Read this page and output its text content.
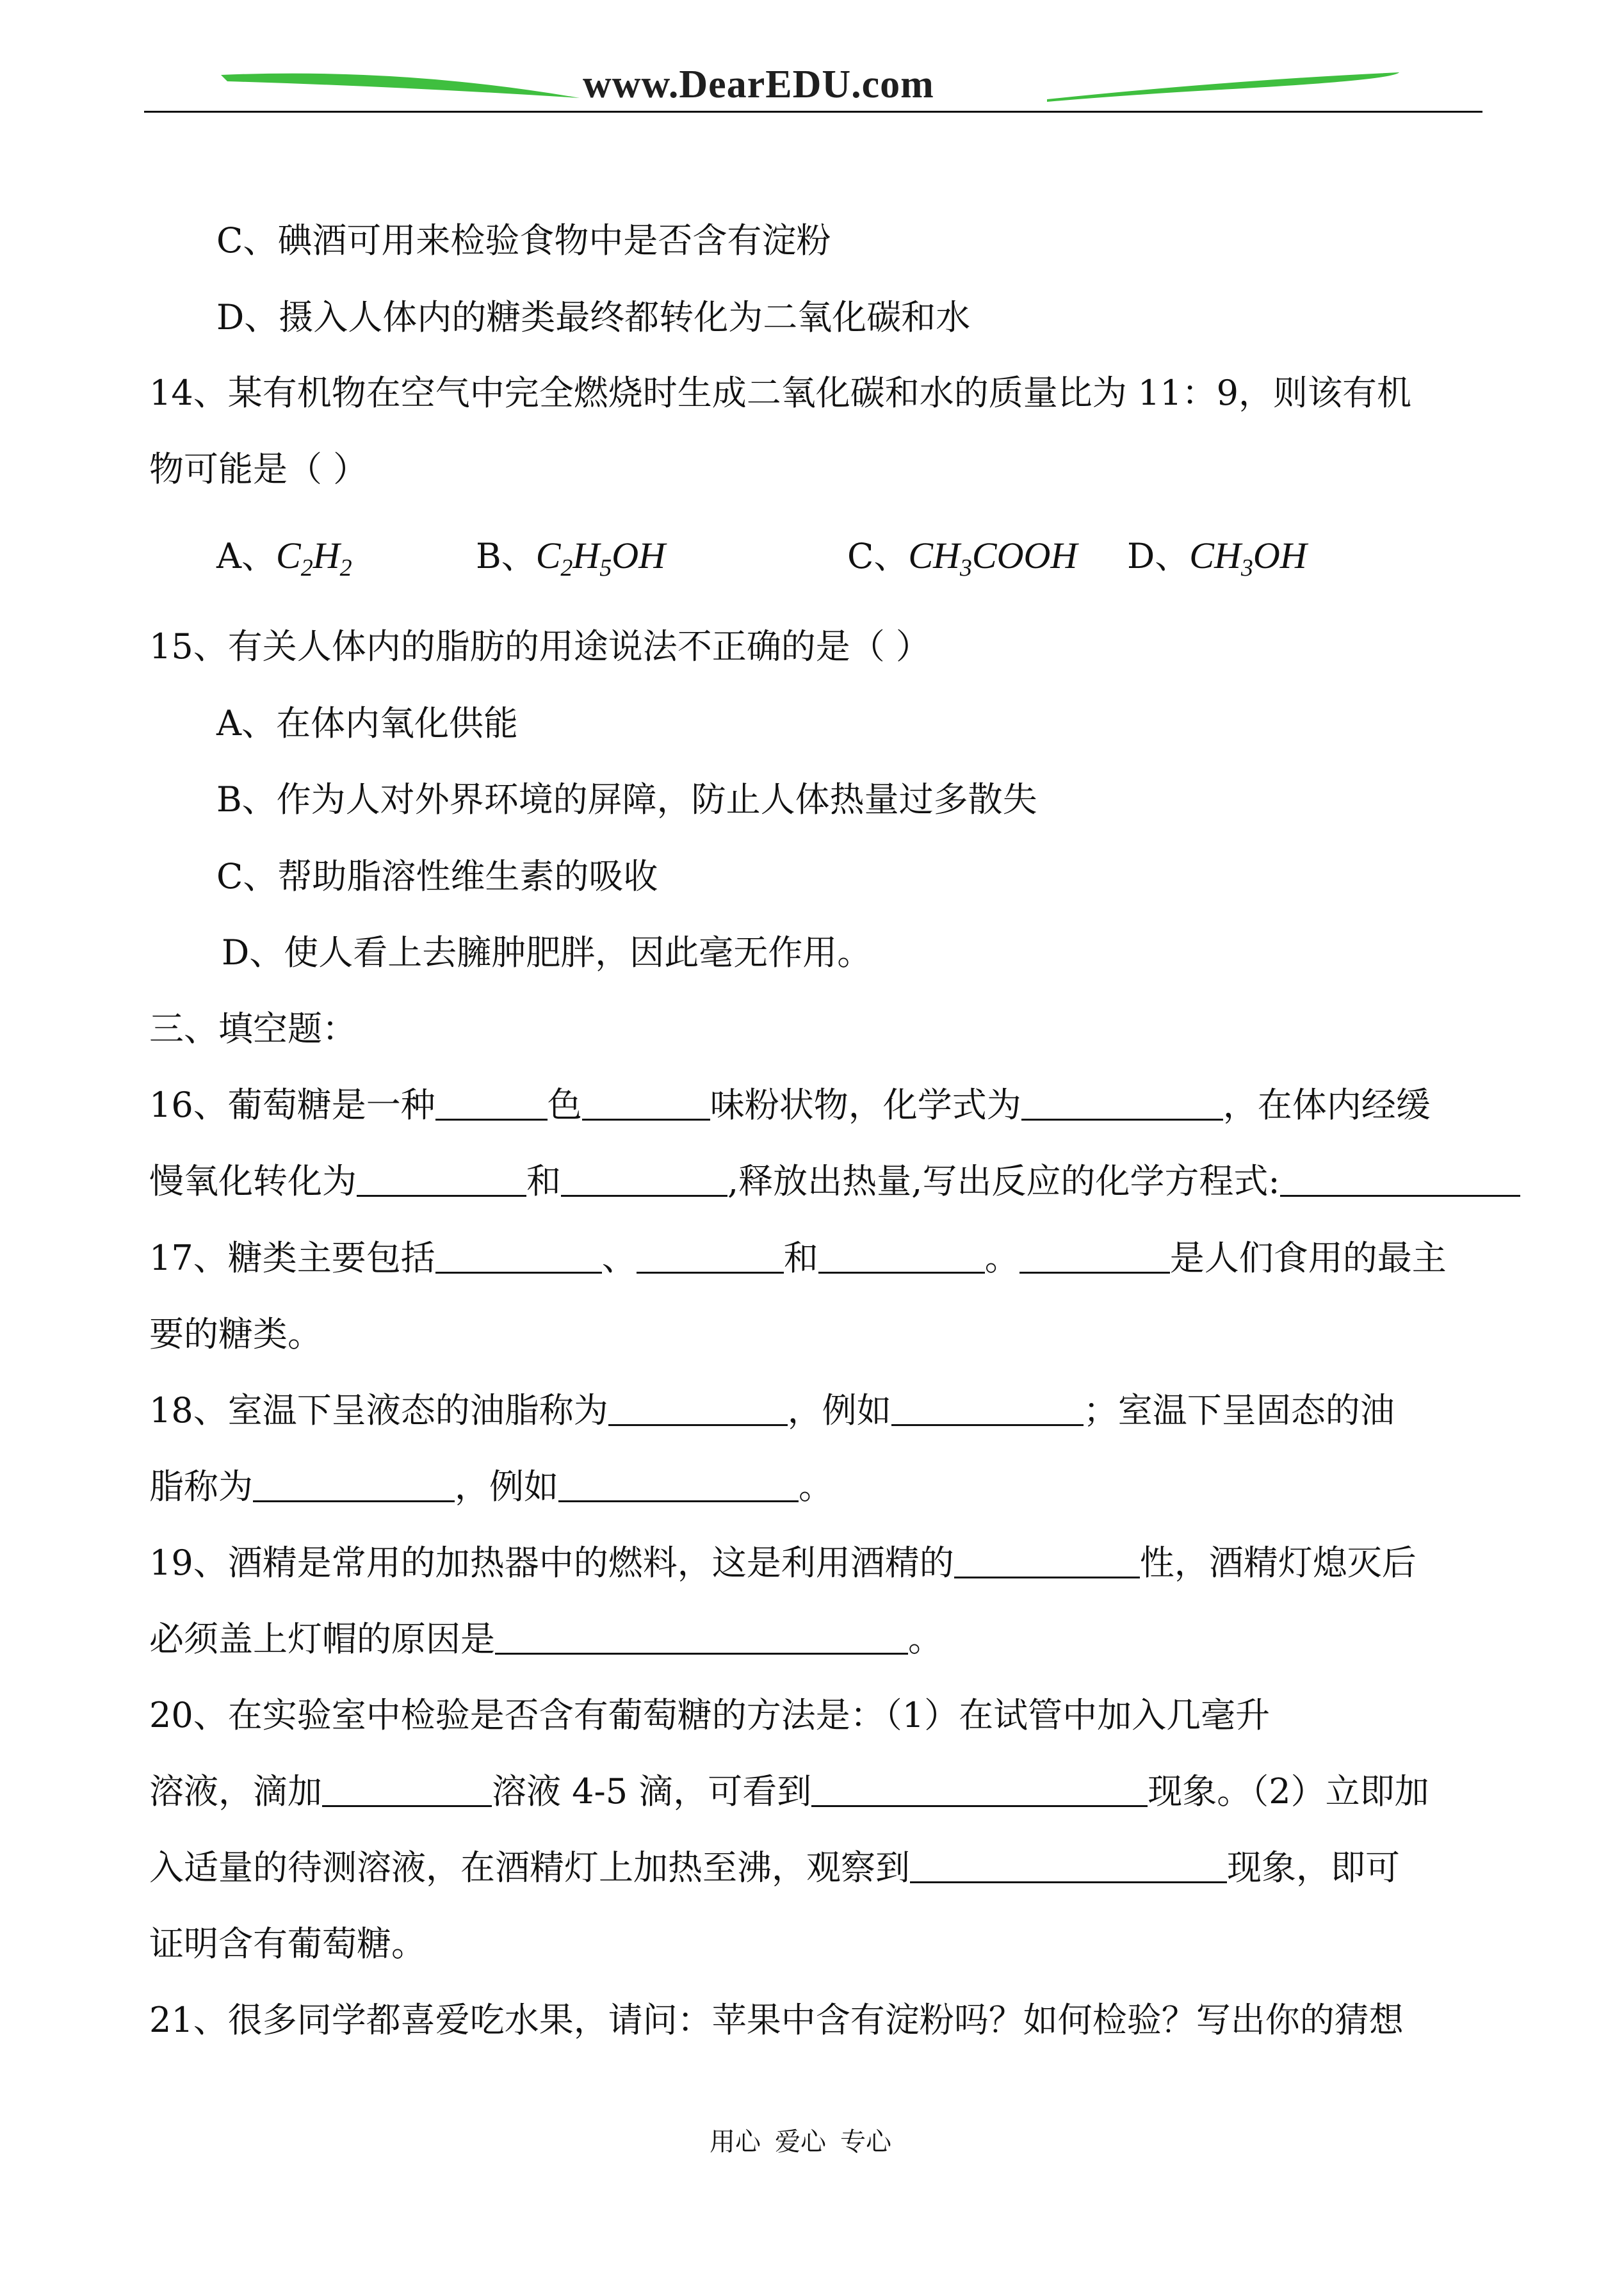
www.DearEDU.com
C、碘酒可用来检验食物中是否含有淀粉
D、摄入人体内的糖类最终都转化为二氧化碳和水
14、某有机物在空气中完全燃烧时生成二氧化碳和水的质量比为 11：9，则该有机
物可能是（ ）
A、$C_2H_2$	B、$C_2H_5OH$	C、$CH_3COOH$ D、$CH_3OH$
15、有关人体内的脂肪的用途说法不正确的是（ ）
A、在体内氧化供能
B、作为人对外界环境的屏障，防止人体热量过多散失
C、帮助脂溶性维生素的吸收
D、使人看上去臃肿肥胖，因此毫无作用。
三、填空题：
16、葡萄糖是一种	色	味粉状物，化学式为	，在体内经缓
慢氧化转化为	和	,释放出热量,写出反应的化学方程式:
17、糖类主要包括	、	和	。	是人们食用的最主
要的糖类。
18、室温下呈液态的油脂称为	，例如	；室温下呈固态的油
脂称为	，例如	。
19、酒精是常用的加热器中的燃料，这是利用酒精的	性，酒精灯熄灭后
必须盖上灯帽的原因是	。
20、在实验室中检验是否含有葡萄糖的方法是：（1）在试管中加入几毫升
溶液，滴加	溶液 4-5 滴，可看到	现象。（2）立即加
入适量的待测溶液，在酒精灯上加热至沸，观察到	现象，即可
证明含有葡萄糖。
21、很多同学都喜爱吃水果，请问：苹果中含有淀粉吗？如何检验？写出你的猜想
用心 爱心 专心
